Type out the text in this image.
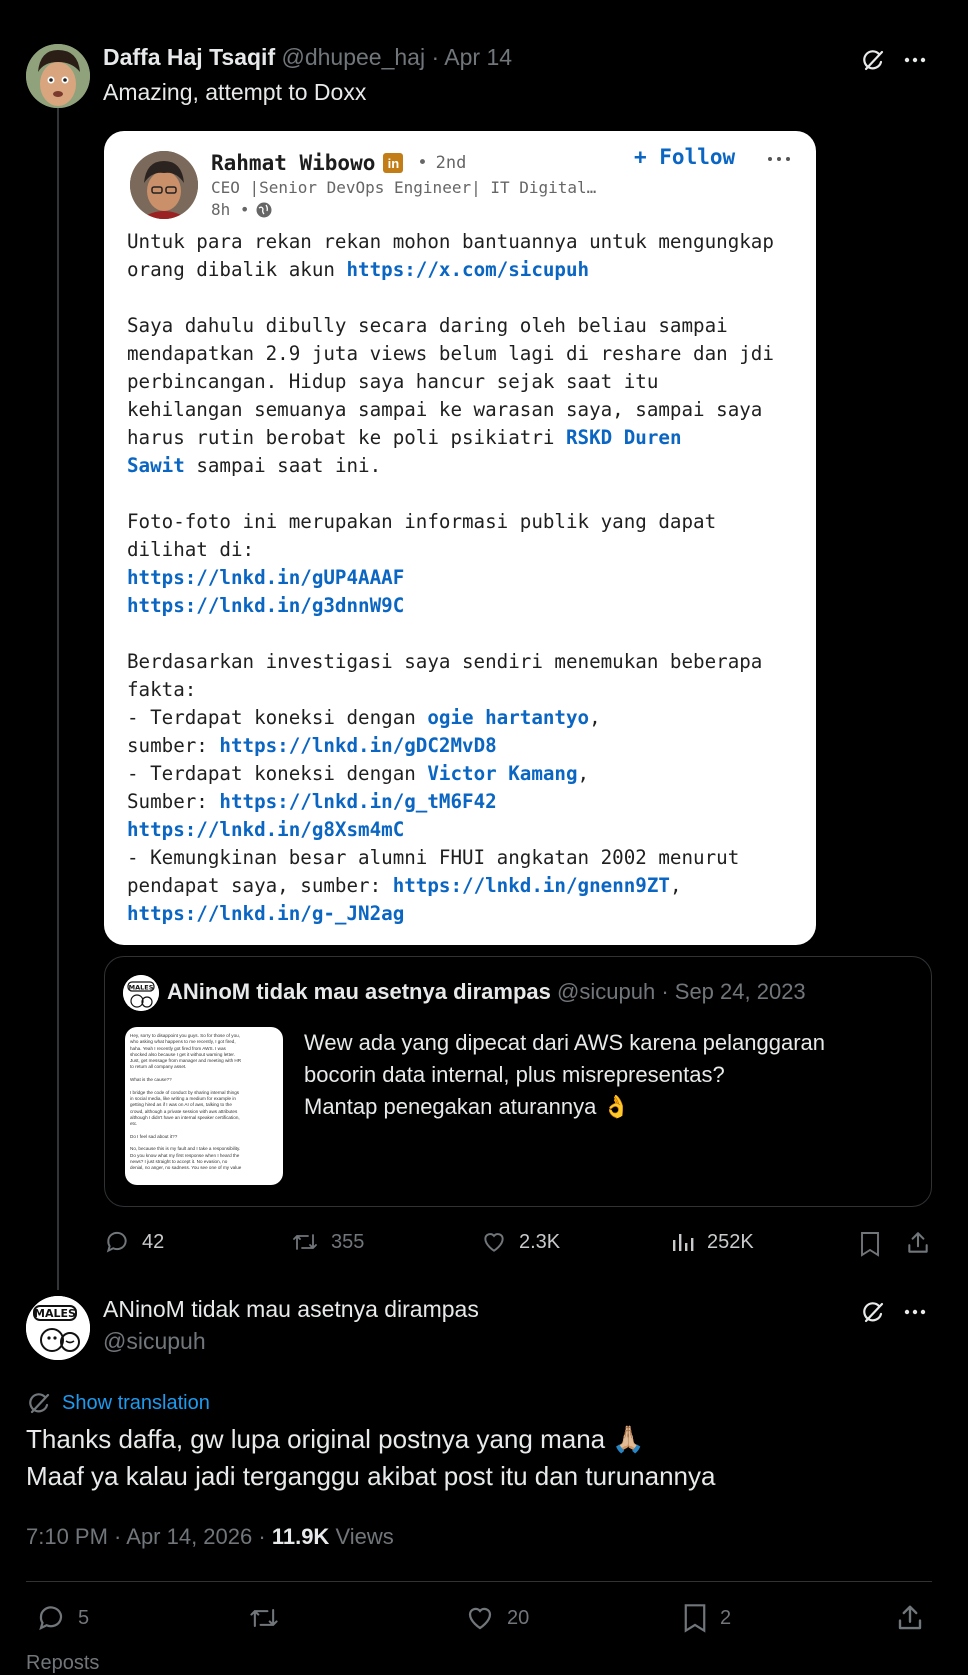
Daffa Haj Tsaqif @dhupee_haj · Apr 14
Amazing, attempt to Doxx
Rahmat Wibowo in • 2nd	+ Follow
CEO |Senior DevOps Engineer| IT Digital…
8h •
Untuk para rekan rekan mohon bantuannya untuk mengungkap
orang dibalik akun https://x.com/sicupuh

Saya dahulu dibully secara daring oleh beliau sampai
mendapatkan 2.9 juta views belum lagi di reshare dan jdi
perbincangan. Hidup saya hancur sejak saat itu
kehilangan semuanya sampai ke warasan saya, sampai saya
harus rutin berobat ke poli psikiatri RSKD Duren
Sawit sampai saat ini.

Foto-foto ini merupakan informasi publik yang dapat
dilihat di:
https://lnkd.in/gUP4AAAF
https://lnkd.in/g3dnnW9C

Berdasarkan investigasi saya sendiri menemukan beberapa
fakta:
- Terdapat koneksi dengan ogie hartantyo,
sumber: https://lnkd.in/gDC2MvD8
- Terdapat koneksi dengan Victor Kamang,
Sumber: https://lnkd.in/g_tM6F42
https://lnkd.in/g8Xsm4mC
- Kemungkinan besar alumni FHUI angkatan 2002 menurut
pendapat saya, sumber: https://lnkd.in/gnenn9ZT,
https://lnkd.in/g-_JN2ag
MALES ANinoM tidak mau asetnya dirampas @sicupuh · Sep 24, 2023
Hey, sorry to disappoint you guys. So for those of you,
who asking what happens to me recently, I got fired,
haha. Yeah I recently got fired from AWS. I was
shocked also because I get it without warning letter.
Just, get message from manager and meeting with HR
to return all company asset.

What is the cause??

I bridge the code of conduct by sharing internal things
in social media, like writing a medium for example in
getting hired as if I was on AI of aws, talking to the
crowd, although a private session with aws attributes
although I didn't have an internal speaker certification,
etc.

Do I feel sad about it??

No, because this is my fault and I take a responsibility.
Do you know what my first response when I heard the
news? I just straight to accept it. No evasion, no
denial, no anger, no sadness. You see one of my value
Wew ada yang dipecat dari AWS karena pelanggaran
bocorin data internal, plus misrepresentas?
Mantap penegakan aturannya 👌
42	355	2.3K	252K
MALES ANinoM tidak mau asetnya dirampas
@sicupuh
Show translation
Thanks daffa, gw lupa original postnya yang mana 🙏🏼
Maaf ya kalau jadi terganggu akibat post itu dan turunannya
7:10 PM · Apr 14, 2026 · 11.9K Views
5	20	2
Reposts
